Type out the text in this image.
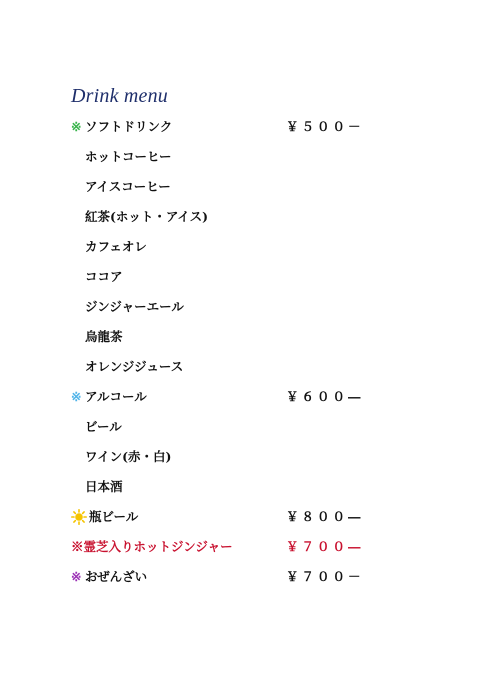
Drink menu
※ ソフトドリンク	￥５００－
ホットコーヒー
アイスコーヒー
紅茶(ホット・アイス)
カフェオレ
ココア
ジンジャーエール
烏龍茶
オレンジジュース
※ アルコール	￥６００―
ビール
ワイン(赤・白)
日本酒
瓶ビール	￥８００―
※霊芝入りホットジンジャー	￥７００―
※ おぜんざい	￥７００－
